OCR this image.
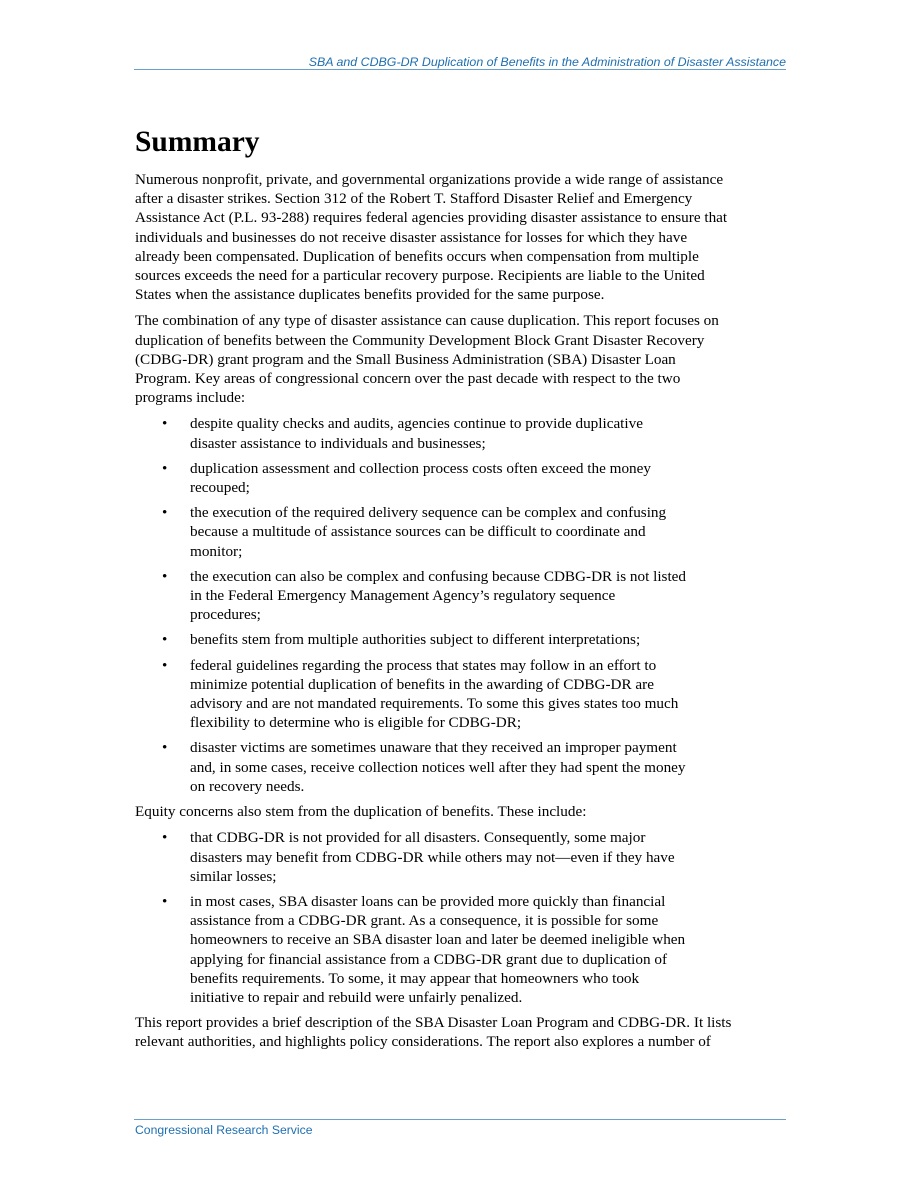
SBA and CDBG-DR Duplication of Benefits in the Administration of Disaster Assistance
Summary

Numerous nonprofit, private, and governmental organizations provide a wide range of assistance
after a disaster strikes. Section 312 of the Robert T. Stafford Disaster Relief and Emergency
Assistance Act (P.L. 93-288) requires federal agencies providing disaster assistance to ensure that
individuals and businesses do not receive disaster assistance for losses for which they have
already been compensated. Duplication of benefits occurs when compensation from multiple
sources exceeds the need for a particular recovery purpose. Recipients are liable to the United
States when the assistance duplicates benefits provided for the same purpose.

The combination of any type of disaster assistance can cause duplication. This report focuses on
duplication of benefits between the Community Development Block Grant Disaster Recovery
(CDBG-DR) grant program and the Small Business Administration (SBA) Disaster Loan
Program. Key areas of congressional concern over the past decade with respect to the two
programs include:

• despite quality checks and audits, agencies continue to provide duplicative
disaster assistance to individuals and businesses;
• duplication assessment and collection process costs often exceed the money
recouped;
• the execution of the required delivery sequence can be complex and confusing
because a multitude of assistance sources can be difficult to coordinate and
monitor;
• the execution can also be complex and confusing because CDBG-DR is not listed
in the Federal Emergency Management Agency’s regulatory sequence
procedures;
• benefits stem from multiple authorities subject to different interpretations;
• federal guidelines regarding the process that states may follow in an effort to
minimize potential duplication of benefits in the awarding of CDBG-DR are
advisory and are not mandated requirements. To some this gives states too much
flexibility to determine who is eligible for CDBG-DR;
• disaster victims are sometimes unaware that they received an improper payment
and, in some cases, receive collection notices well after they had spent the money
on recovery needs.

Equity concerns also stem from the duplication of benefits. These include:

• that CDBG-DR is not provided for all disasters. Consequently, some major
disasters may benefit from CDBG-DR while others may not—even if they have
similar losses;
• in most cases, SBA disaster loans can be provided more quickly than financial
assistance from a CDBG-DR grant. As a consequence, it is possible for some
homeowners to receive an SBA disaster loan and later be deemed ineligible when
applying for financial assistance from a CDBG-DR grant due to duplication of
benefits requirements. To some, it may appear that homeowners who took
initiative to repair and rebuild were unfairly penalized.

This report provides a brief description of the SBA Disaster Loan Program and CDBG-DR. It lists
relevant authorities, and highlights policy considerations. The report also explores a number of

Congressional Research Service
